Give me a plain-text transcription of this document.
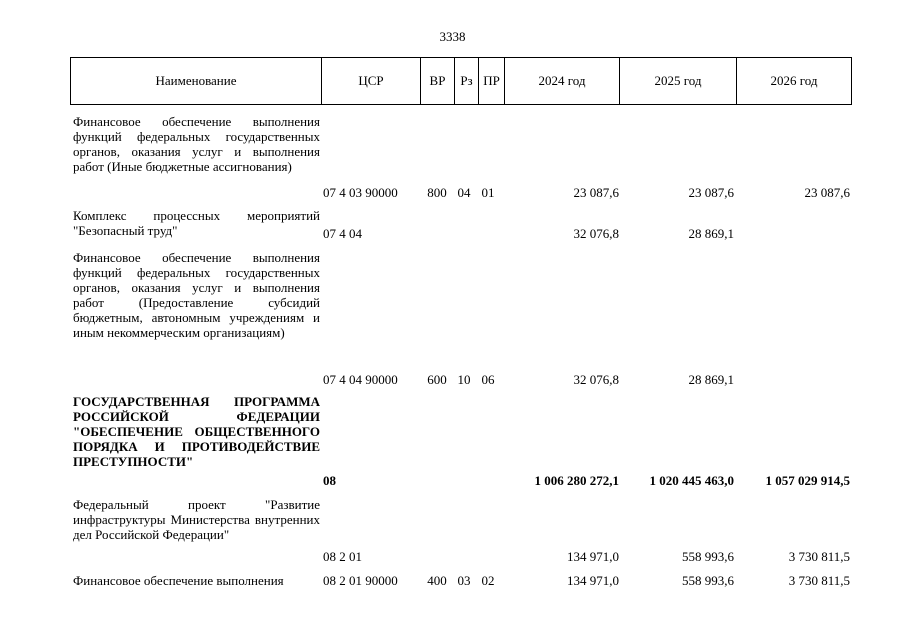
3338
Наименование	ЦСР	ВР	Рз ПР	2024 год	2025 год	2026 год
Финансовое обеспечение выполнения функций федеральных государственных органов, оказания услуг и выполнения работ (Иные бюджетные ассигнования)
07 4 03 90000	800 04 01	23 087,6	23 087,6	23 087,6
Комплекс процессных мероприятий "Безопасный труд"	07 4 04	32 076,8	28 869,1
Финансовое обеспечение выполнения функций федеральных государственных органов, оказания услуг и выполнения работ (Предоставление субсидий бюджетным, автономным учреждениям и иным некоммерческим организациям)
07 4 04 90000	600 10 06	32 076,8	28 869,1
ГОСУДАРСТВЕННАЯ ПРОГРАММА РОССИЙСКОЙ ФЕДЕРАЦИИ "ОБЕСПЕЧЕНИЕ ОБЩЕСТВЕННОГО ПОРЯДКА И ПРОТИВОДЕЙСТВИЕ ПРЕСТУПНОСТИ"
08	1 006 280 272,1	1 020 445 463,0	1 057 029 914,5
Федеральный проект "Развитие инфраструктуры Министерства внутренних дел Российской Федерации"
08 2 01	134 971,0	558 993,6	3 730 811,5
Финансовое обеспечение выполнения	08 2 01 90000	400 03 02	134 971,0	558 993,6	3 730 811,5
